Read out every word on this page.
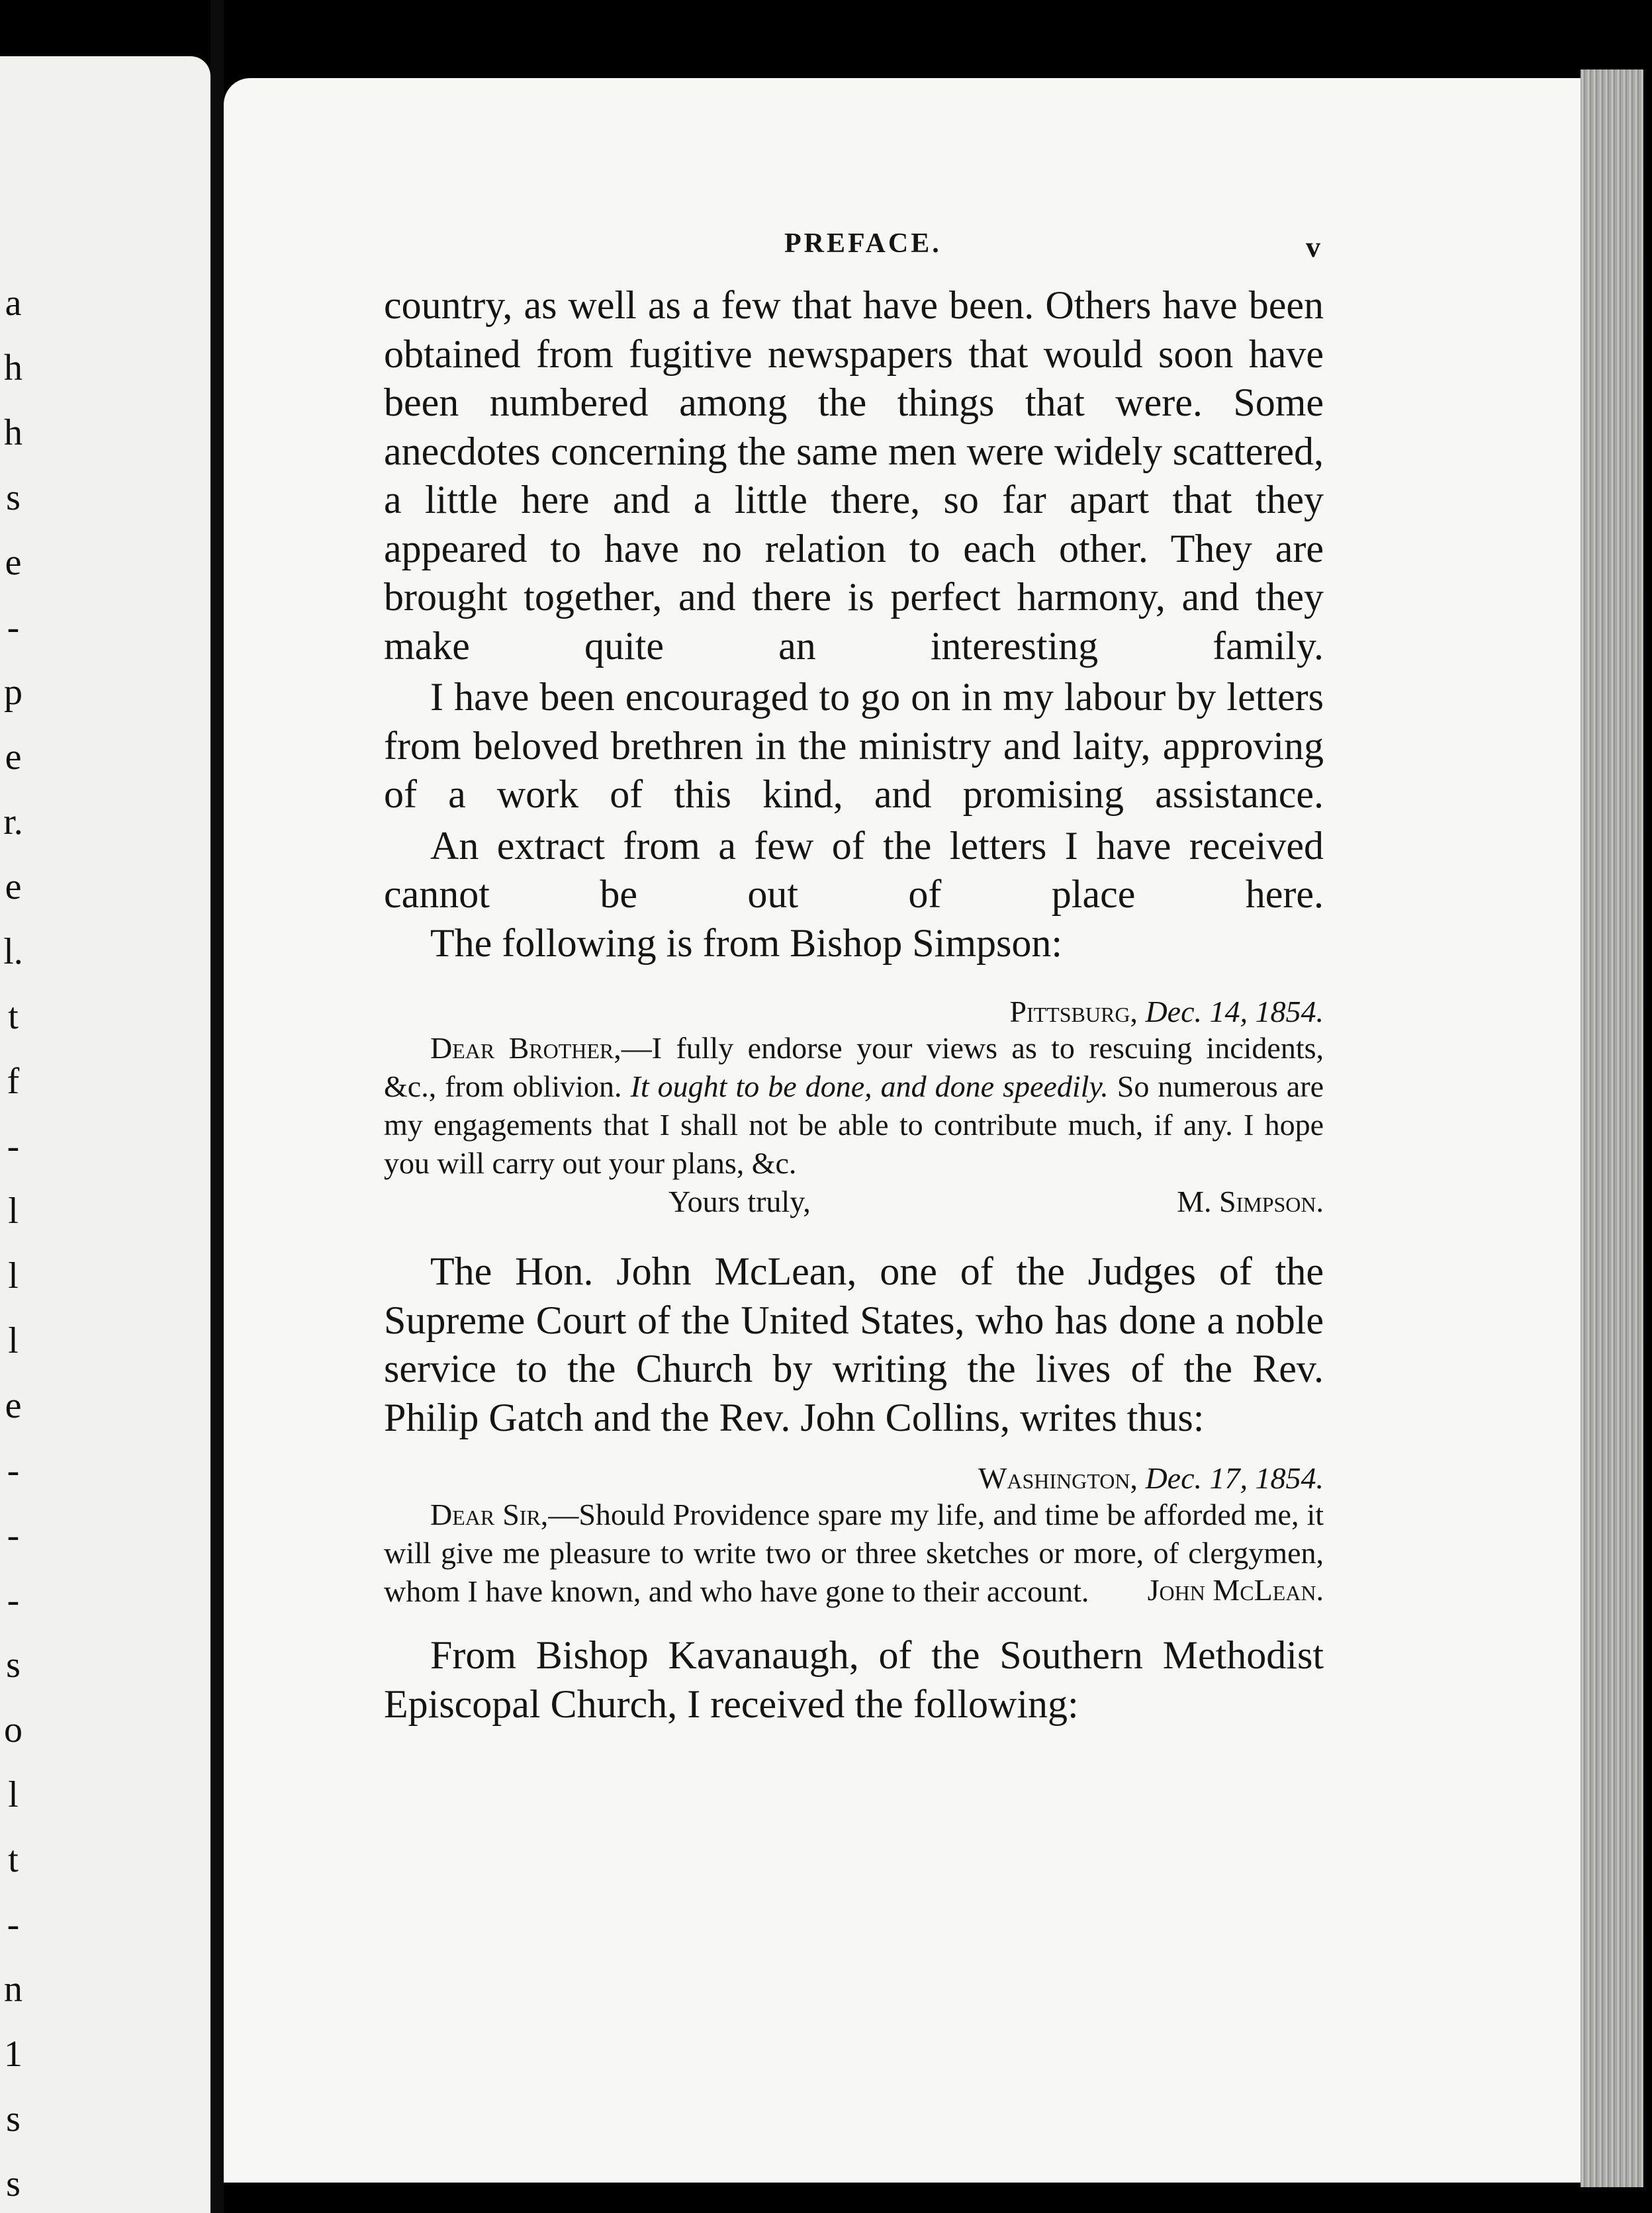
a
h
h
s
e
-
p
e
r.
e
l.
t
f
-
l
l
l
e
-
-
-
s
o
l
t
-
n
1
s
s
PREFACE.	v

country, as well as a few that have been. Others have been obtained from fugitive newspapers that would soon have been numbered among the things that were. Some anecdotes concerning the same men were widely scattered, a little here and a little there, so far apart that they appeared to have no relation to each other. They are brought together, and there is perfect harmony, and they make quite an interesting family.

I have been encouraged to go on in my labour by letters from beloved brethren in the ministry and laity, approving of a work of this kind, and promising assistance.

An extract from a few of the letters I have received cannot be out of place here.

The following is from Bishop Simpson:

Pittsburg, Dec. 14, 1854.

Dear Brother,—I fully endorse your views as to rescuing incidents, &c., from oblivion. It ought to be done, and done speedily. So numerous are my engagements that I shall not be able to contribute much, if any. I hope you will carry out your plans, &c.

Yours truly,	M. Simpson.

The Hon. John McLean, one of the Judges of the Supreme Court of the United States, who has done a noble service to the Church by writing the lives of the Rev. Philip Gatch and the Rev. John Collins, writes thus:

Washington, Dec. 17, 1854.

Dear Sir,—Should Providence spare my life, and time be afforded me, it will give me pleasure to write two or three sketches or more, of clergymen, whom I have known, and who have gone to their account.	John McLean.

From Bishop Kavanaugh, of the Southern Methodist Episcopal Church, I received the following:
